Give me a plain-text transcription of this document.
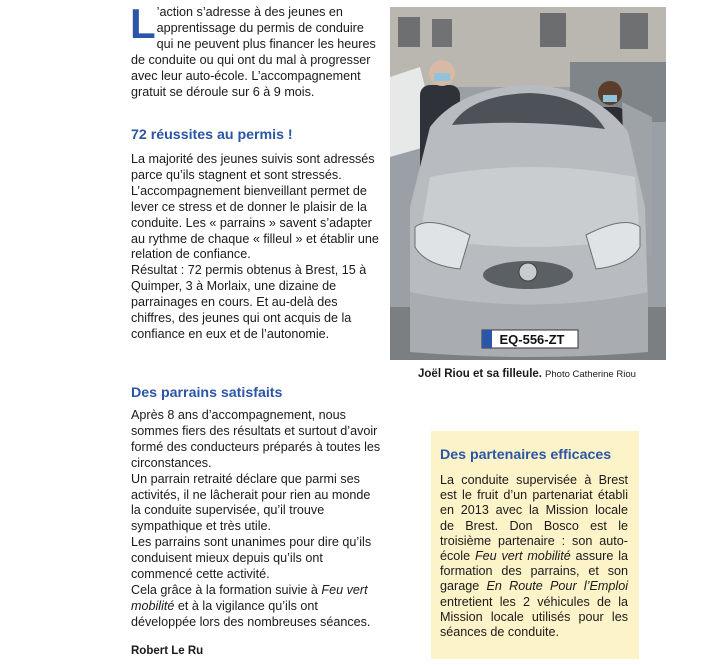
L ’action s’adresse à des jeunes en apprentissage du permis de conduire qui ne peuvent plus financer les heures de conduite ou qui ont du mal à progresser avec leur auto-école. L’accompagnement gratuit se déroule sur 6 à 9 mois.

72 réussites au permis !

La majorité des jeunes suivis sont adressés parce qu’ils stagnent et sont stressés. L’accompagnement bienveillant permet de lever ce stress et de donner le plaisir de la conduite. Les « parrains » savent s’adapter au rythme de chaque « filleul » et établir une relation de confiance.

Résultat : 72 permis obtenus à Brest, 15 à Quimper, 3 à Morlaix, une dizaine de parrainages en cours. Et au-delà des chiffres, des jeunes qui ont acquis de la confiance en eux et de l’autonomie.

Des parrains satisfaits

Après 8 ans d’accompagnement, nous sommes fiers des résultats et surtout d’avoir formé des conducteurs préparés à toutes les circonstances.

Un parrain retraité déclare que parmi ses activités, il ne lâcherait pour rien au monde la conduite supervisée, qu’il trouve sympathique et très utile.

Les parrains sont unanimes pour dire qu’ils conduisent mieux depuis qu’ils ont commencé cette activité.

Cela grâce à la formation suivie à Feu vert mobilité et à la vigilance qu’ils ont développée lors des nombreuses séances.

Robert Le Ru
EQ-556-ZT
Joël Riou et sa filleule. Photo Catherine Riou
Des partenaires efficaces
La conduite supervisée à Brest est le fruit d’un partenariat établi en 2013 avec la Mission locale de Brest. Don Bosco est le troisième partenaire : son auto-école Feu vert mobilité assure la formation des parrains, et son garage En Route Pour l’Emploi entretient les 2 véhicules de la Mission locale utilisés pour les séances de conduite.
